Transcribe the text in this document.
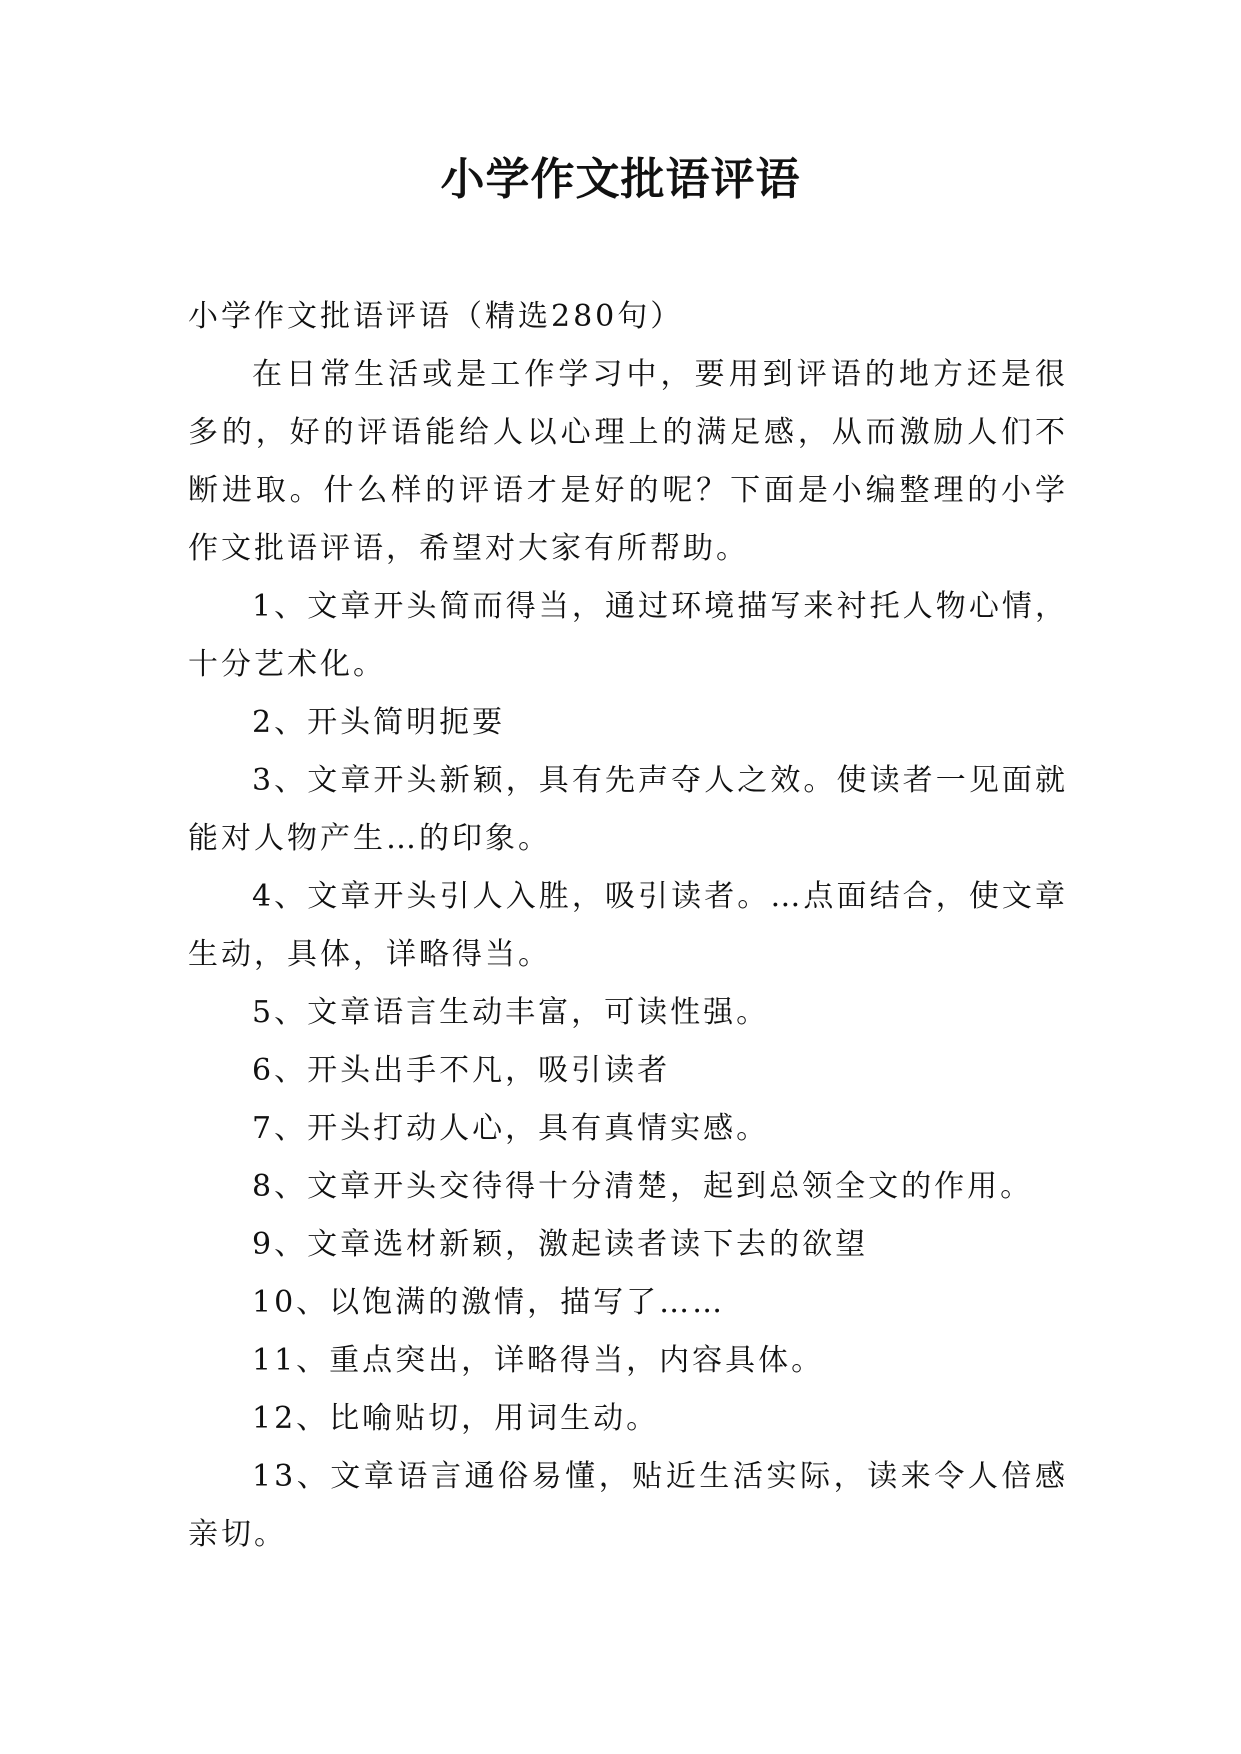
小学作文批语评语

小学作文批语评语（精选280句）

在日常生活或是工作学习中，要用到评语的地方还是很多的，好的评语能给人以心理上的满足感，从而激励人们不断进取。什么样的评语才是好的呢？下面是小编整理的小学作文批语评语，希望对大家有所帮助。

1、文章开头简而得当，通过环境描写来衬托人物心情，十分艺术化。

2、开头简明扼要

3、文章开头新颖，具有先声夺人之效。使读者一见面就能对人物产生…的印象。

4、文章开头引人入胜，吸引读者。…点面结合，使文章生动，具体，详略得当。

5、文章语言生动丰富，可读性强。

6、开头出手不凡，吸引读者

7、开头打动人心，具有真情实感。

8、文章开头交待得十分清楚，起到总领全文的作用。

9、文章选材新颖，激起读者读下去的欲望

10、以饱满的激情，描写了……

11、重点突出，详略得当，内容具体。

12、比喻贴切，用词生动。

13、文章语言通俗易懂，贴近生活实际，读来令人倍感亲切。
